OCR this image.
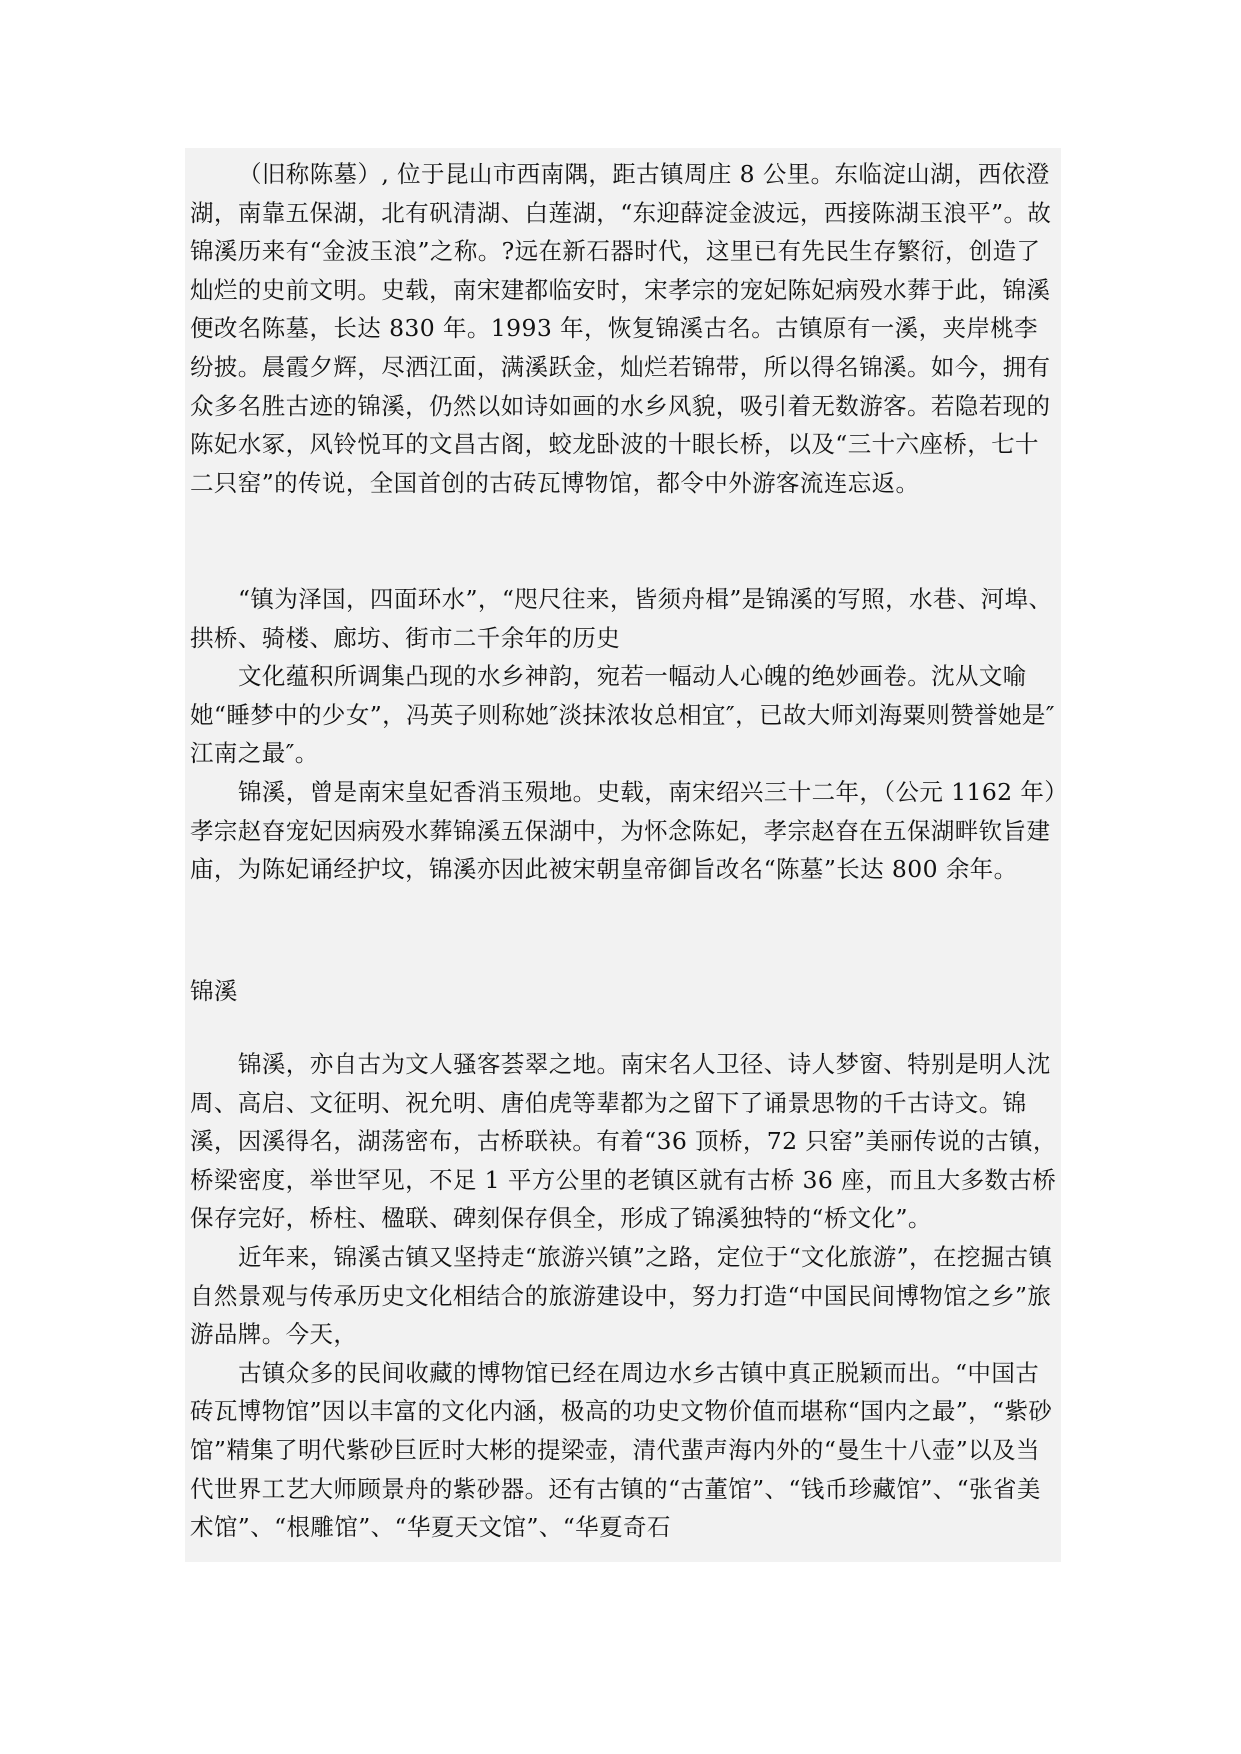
（旧称陈墓）, 位于昆山市西南隅，距古镇周庄 8 公里。东临淀山湖，西依澄湖，南靠五保湖，北有矾清湖、白莲湖，“东迎薛淀金波远，西接陈湖玉浪平”。故锦溪历来有“金波玉浪”之称。?远在新石器时代，这里已有先民生存繁衍，创造了灿烂的史前文明。史载，南宋建都临安时，宋孝宗的宠妃陈妃病殁水葬于此，锦溪便改名陈墓，长达 830 年。1993 年，恢复锦溪古名。古镇原有一溪，夹岸桃李纷披。晨霞夕辉，尽洒江面，满溪跃金，灿烂若锦带，所以得名锦溪。如今，拥有众多名胜古迹的锦溪，仍然以如诗如画的水乡风貌，吸引着无数游客。若隐若现的陈妃水冢，风铃悦耳的文昌古阁，蛟龙卧波的十眼长桥，以及“三十六座桥，七十二只窑”的传说，全国首创的古砖瓦博物馆，都令中外游客流连忘返。

“镇为泽国，四面环水”，“咫尺往来，皆须舟楫”是锦溪的写照，水巷、河埠、拱桥、骑楼、廊坊、街市二千余年的历史

文化蕴积所调集凸现的水乡神韵，宛若一幅动人心魄的绝妙画卷。沈从文喻她“睡梦中的少女”，冯英子则称她″淡抹浓妆总相宜″，已故大师刘海粟则赞誉她是″江南之最″。

锦溪，曾是南宋皇妃香消玉殒地。史载，南宋绍兴三十二年，（公元 1162 年）孝宗赵昚宠妃因病殁水葬锦溪五保湖中，为怀念陈妃，孝宗赵昚在五保湖畔钦旨建庙，为陈妃诵经护坟，锦溪亦因此被宋朝皇帝御旨改名“陈墓”长达 800 余年。

锦溪

锦溪，亦自古为文人骚客荟翠之地。南宋名人卫径、诗人梦窗、特别是明人沈周、高启、文征明、祝允明、唐伯虎等辈都为之留下了诵景思物的千古诗文。锦溪，因溪得名，湖荡密布，古桥联袂。有着“36 顶桥，72 只窑”美丽传说的古镇，桥梁密度，举世罕见，不足 1 平方公里的老镇区就有古桥 36 座，而且大多数古桥保存完好，桥柱、楹联、碑刻保存俱全，形成了锦溪独特的“桥文化”。

近年来，锦溪古镇又坚持走“旅游兴镇”之路，定位于“文化旅游”，在挖掘古镇自然景观与传承历史文化相结合的旅游建设中，努力打造“中国民间博物馆之乡”旅游品牌。今天，

古镇众多的民间收藏的博物馆已经在周边水乡古镇中真正脱颖而出。“中国古砖瓦博物馆”因以丰富的文化内涵，极高的功史文物价值而堪称“国内之最”，“紫砂馆”精集了明代紫砂巨匠时大彬的提梁壶，清代蜚声海内外的“曼生十八壶”以及当代世界工艺大师顾景舟的紫砂器。还有古镇的“古董馆”、“钱币珍藏馆”、“张省美术馆”、“根雕馆”、“华夏天文馆”、“华夏奇石
